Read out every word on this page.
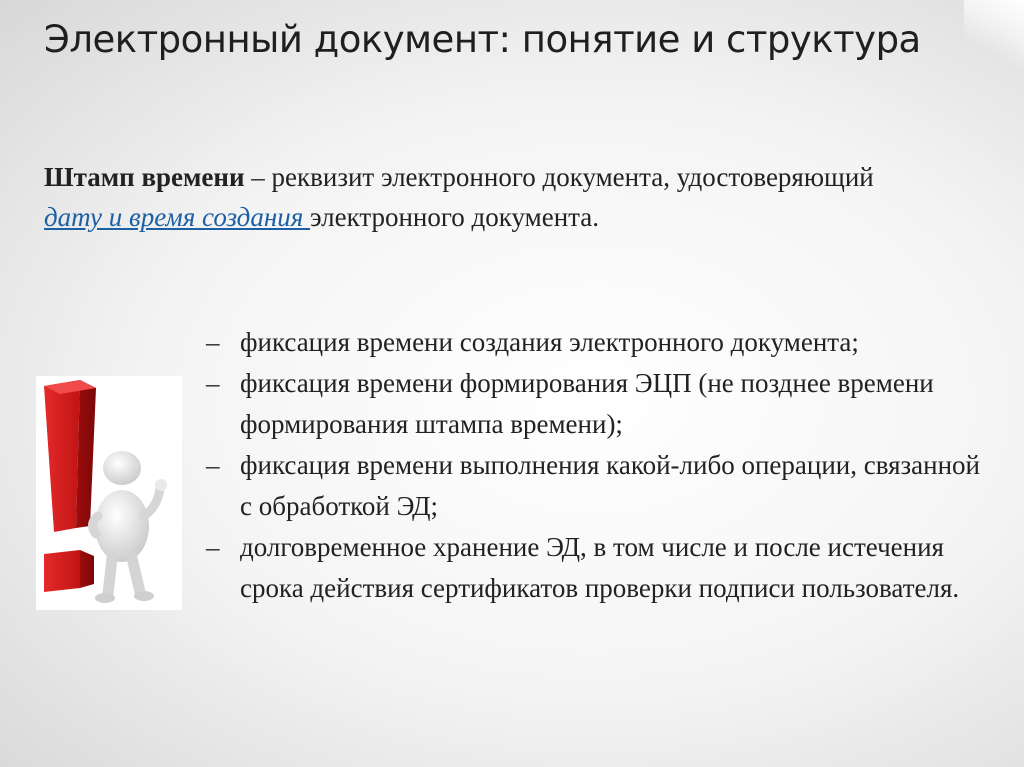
Электронный документ: понятие и структура

Штамп времени – реквизит электронного документа, удостоверяющий дату и время создания электронного документа.

– фиксация времени создания электронного документа;
– фиксация времени формирования ЭЦП (не позднее времени формирования штампа времени);
– фиксация времени выполнения какой-либо операции, связанной с обработкой ЭД;
– долговременное хранение ЭД, в том числе и после истечения срока действия сертификатов проверки подписи пользователя.
